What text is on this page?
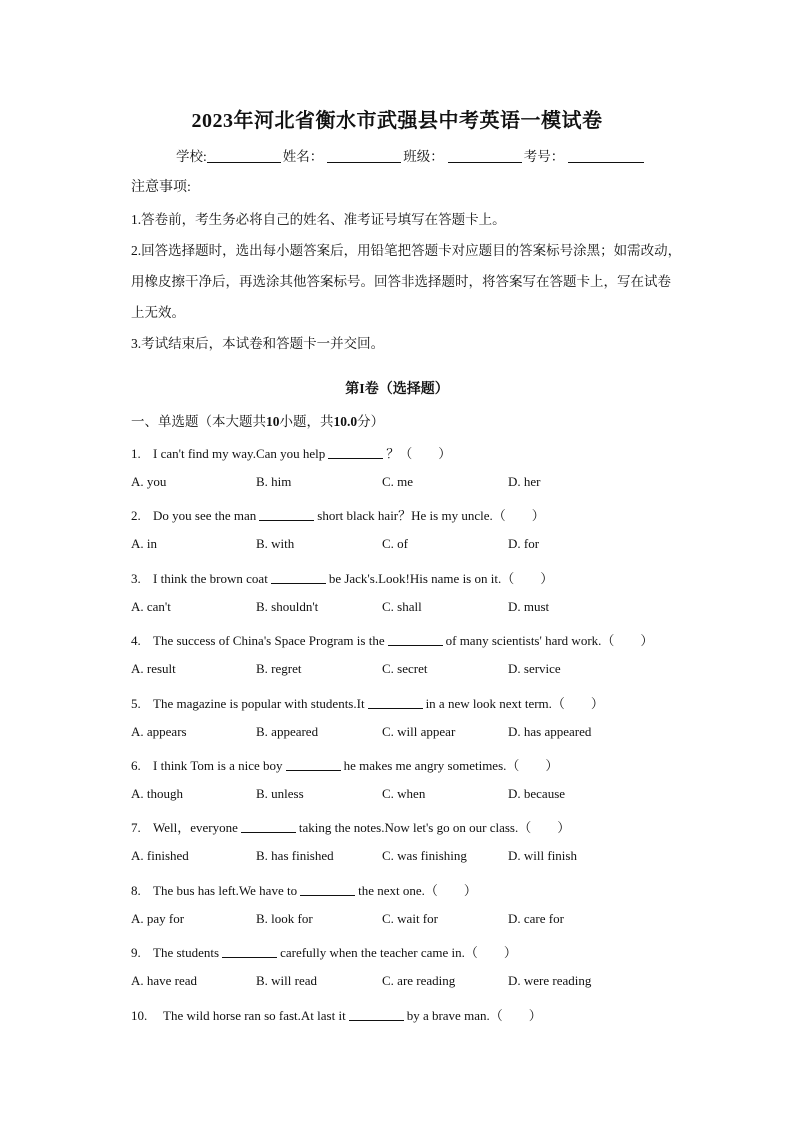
2023年河北省衡水市武强县中考英语一模试卷
学校:	姓名：	班级：	考号：
注意事项:
1.答卷前，考生务必将自己的姓名、准考证号填写在答题卡上。
2.回答选择题时，选出每小题答案后，用铅笔把答题卡对应题目的答案标号涂黑；如需改动，
用橡皮擦干净后，再选涂其他答案标号。回答非选择题时，将答案写在答题卡上，写在试卷
上无效。
3.考试结束后，本试卷和答题卡一并交回。
第I卷（选择题）
一、单选题（本大题共10小题，共10.0分）
1. I can't find my way.Can you help	？（　　）
A. you	B. him	C. me	D. her
2. Do you see the man	short black hair？He is my uncle.（　　）
A. in	B. with	C. of	D. for
3. I think the brown coat	be Jack's.Look!His name is on it.（　　）
A. can't	B. shouldn't	C. shall	D. must
4. The success of China's Space Program is the	of many scientists' hard work.（　　）
A. result	B. regret	C. secret	D. service
5. The magazine is popular with students.It	in a new look next term.（　　）
A. appears	B. appeared	C. will appear	D. has appeared
6. I think Tom is a nice boy	he makes me angry sometimes.（　　）
A. though	B. unless	C. when	D. because
7. Well，everyone	taking the notes.Now let's go on our class.（　　）
A. finished	B. has finished	C. was finishing	D. will finish
8. The bus has left.We have to	the next one.（　　）
A. pay for	B. look for	C. wait for	D. care for
9. The students	carefully when the teacher came in.（　　）
A. have read	B. will read	C. are reading	D. were reading
10. The wild horse ran so fast.At last it	by a brave man.（　　）
